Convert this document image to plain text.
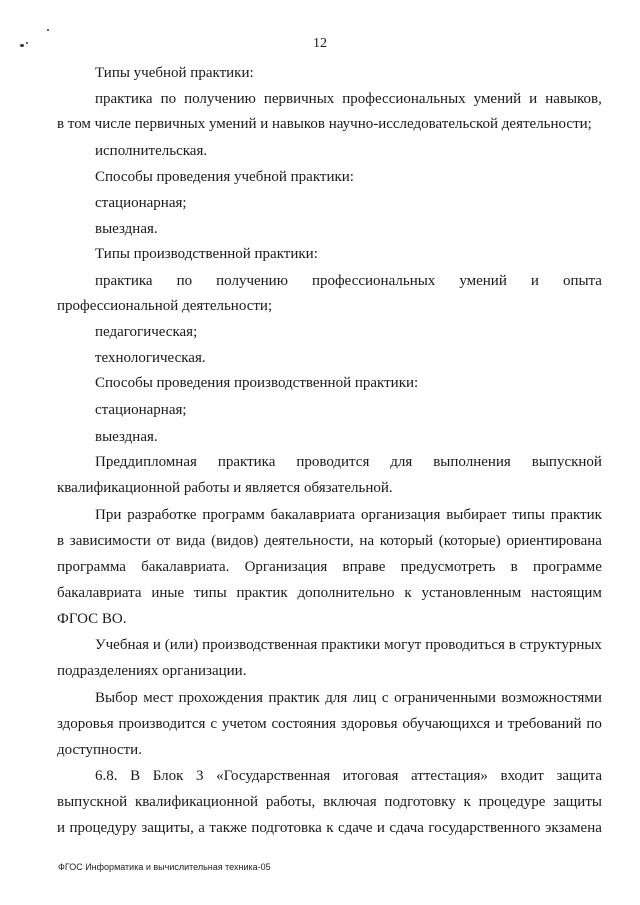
12
Типы учебной практики:
практика по получению первичных профессиональных умений и навыков,
в том числе первичных умений и навыков научно-исследовательской деятельности;
исполнительская.
Способы проведения учебной практики:
стационарная;
выездная.
Типы производственной практики:
практика по получению профессиональных умений и опыта
профессиональной деятельности;
педагогическая;
технологическая.
Способы проведения производственной практики:
стационарная;
выездная.
Преддипломная практика проводится для выполнения выпускной
квалификационной работы и является обязательной.
При разработке программ бакалавриата организация выбирает типы практик
в зависимости от вида (видов) деятельности, на который (которые) ориентирована
программа бакалавриата. Организация вправе предусмотреть в программе
бакалавриата иные типы практик дополнительно к установленным настоящим
ФГОС ВО.
Учебная и (или) производственная практики могут проводиться в структурных
подразделениях организации.
Выбор мест прохождения практик для лиц с ограниченными возможностями
здоровья производится с учетом состояния здоровья обучающихся и требований по
доступности.
6.8. В Блок 3 «Государственная итоговая аттестация» входит защита
выпускной квалификационной работы, включая подготовку к процедуре защиты
и процедуру защиты, а также подготовка к сдаче и сдача государственного экзамена
ФГОС Информатика и вычислительная техника-05
